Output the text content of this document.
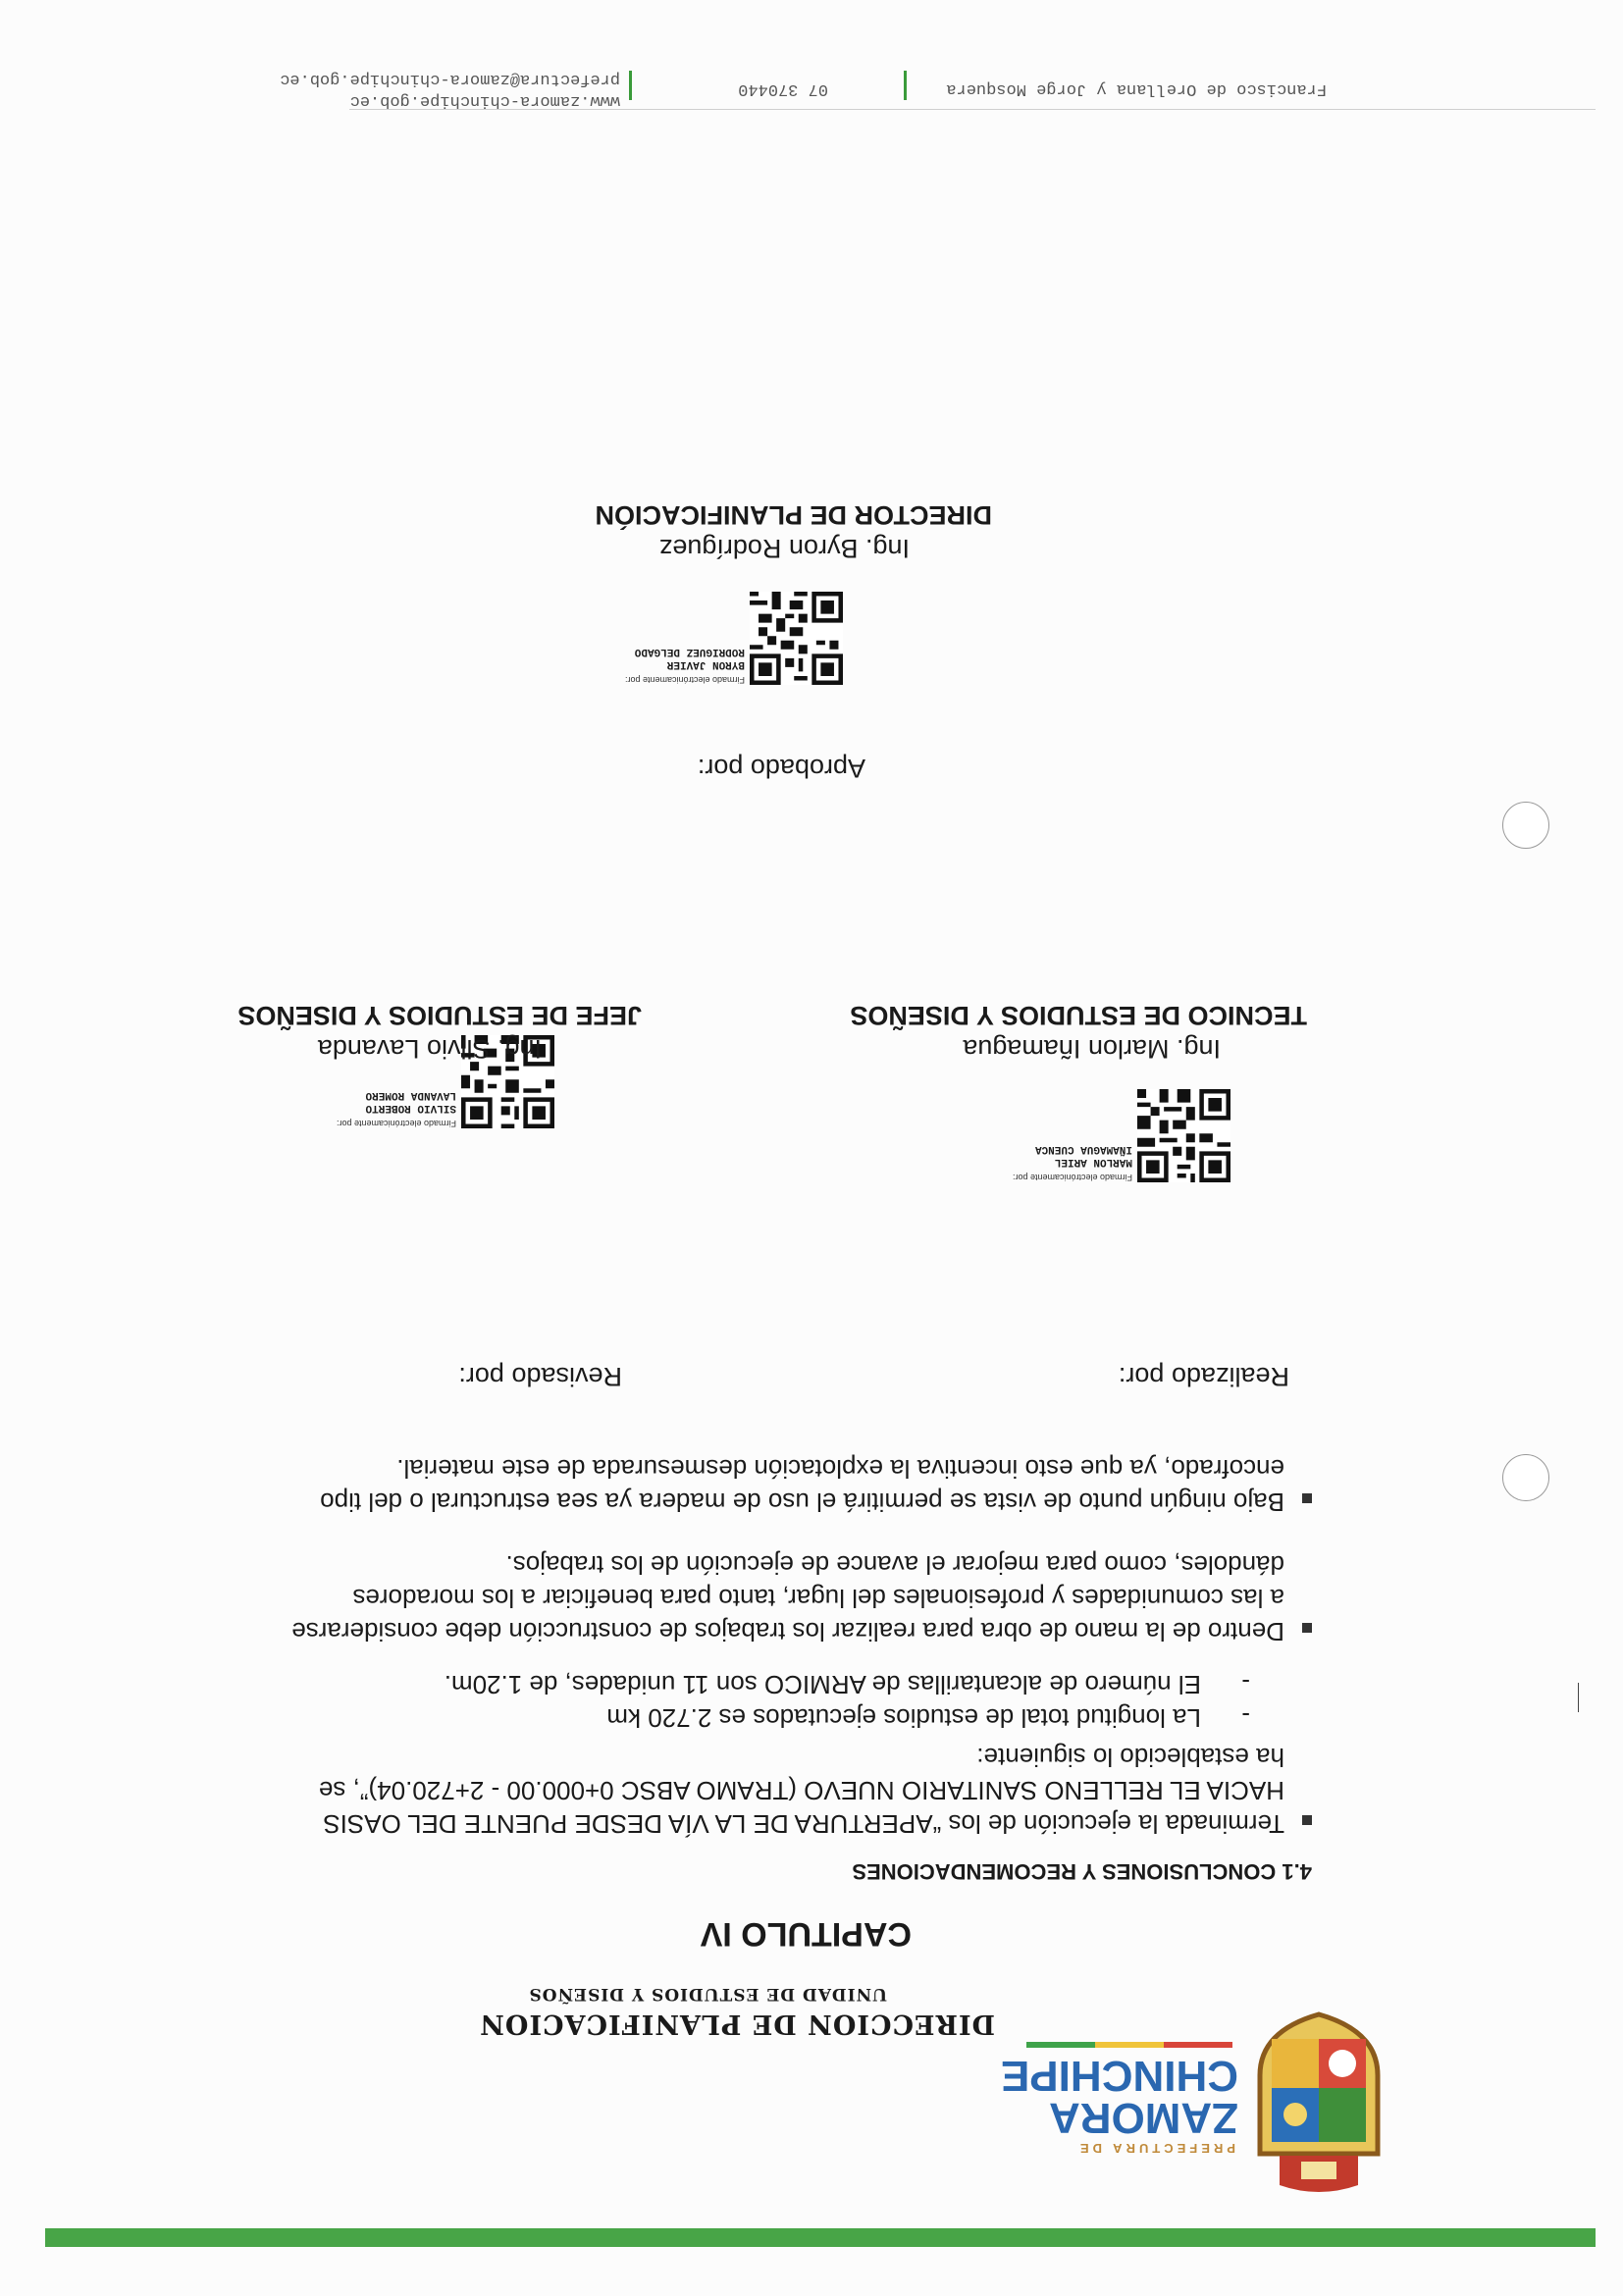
PREFECTURA DE
ZAMORA
CHINCHIPE
DIRECCION DE PLANIFICACION
UNIDAD DE ESTUDIOS Y DISEÑOS
CAPITULO IV
4.1 CONCLUSIONES Y RECOMENDACIONES
Terminada la ejecución de los “APERTURA DE LA VÍA DESDE PUENTE DEL OASIS
HACIA EL RELLENO SANITARIO NUEVO (TRAMO ABSC 0+000.00 - 2+720.04)”, se
ha establecido lo siguiente:
-
La longitud total de estudios ejecutados es 2.720 km
-
El número de alcantarillas de ARMICO son 11 unidades, de 1.20m.
Dentro de la mano de obra para realizar los trabajos de construcción debe considerarse
a las comunidades y profesionales del lugar, tanto para beneficiar a los moradores
dándoles, como para mejorar el avance de ejecución de los trabajos.
Bajo ningún punto de vista se permitirá el uso de madera ya sea estructural o del tipo
encofrado, ya que esto incentiva la explotación desmesurada de este material.
Realizado por:
Revisado por:
Firmado electrónicamente por:
MARLON ARIEL
IÑAMAGUA CUENCA
Firmado electrónicamente por:
SILVIO ROBERTO
LAVANDA ROMERO
Ing. Marlon Iñamagua
TECNICO DE ESTUDIOS Y DISEÑOS
Ing. Silvio Lavanda
JEFE DE ESTUDIOS Y DISEÑOS
Aprobado por:
Firmado electrónicamente por:
BYRON JAVIER
RODRIGUEZ DELGADO
Ing. Byron Rodríguez
DIRECTOR DE PLANIFICACIÓN
Francisco de Orellana y Jorge Mosquera
07 370440
www.zamora-chinchipe.gob.ec
prefectura@zamora-chinchipe.gob.ec
